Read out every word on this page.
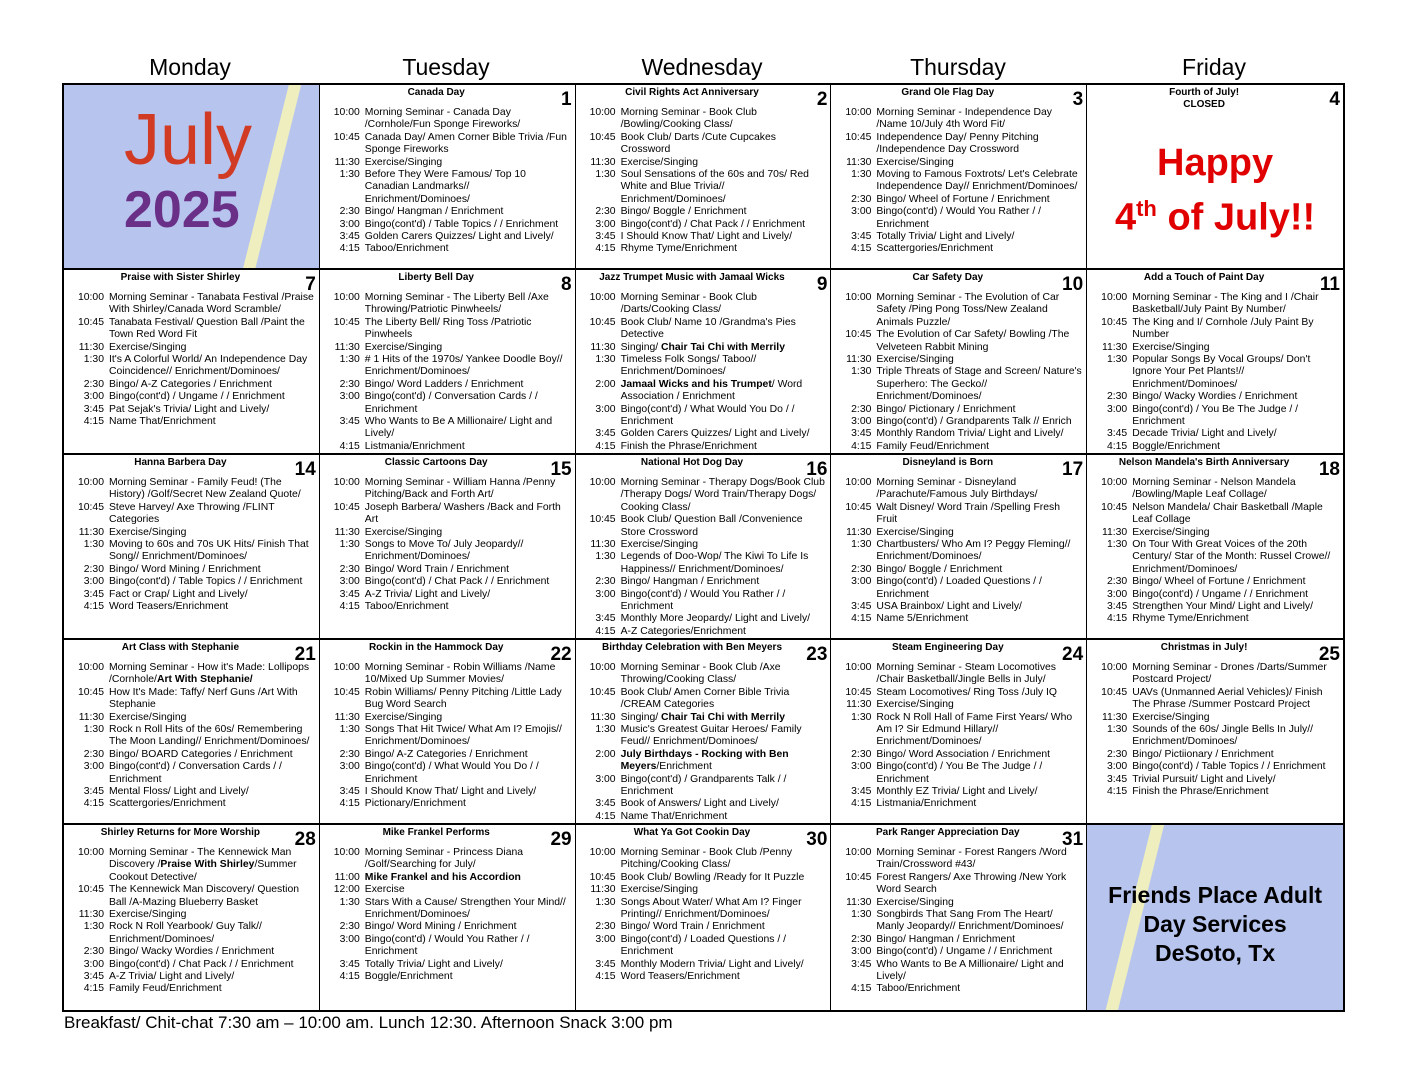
Monday	Tuesday	Wednesday	Thursday	Friday
July
2025
Canada Day	1
10:00 Morning Seminar - Canada Day /Cornhole/Fun Sponge Fireworks/
10:45 Canada Day/ Amen Corner Bible Trivia /Fun Sponge Fireworks
11:30 Exercise/Singing
1:30 Before They Were Famous/ Top 10 Canadian Landmarks// Enrichment/Dominoes/
2:30 Bingo/ Hangman / Enrichment
3:00 Bingo(cont'd) / Table Topics / / Enrichment
3:45 Golden Carers Quizzes/ Light and Lively/
4:15 Taboo/Enrichment
Civil Rights Act Anniversary	2
10:00 Morning Seminar - Book Club /Bowling/Cooking Class/
10:45 Book Club/ Darts /Cute Cupcakes Crossword
11:30 Exercise/Singing
1:30 Soul Sensations of the 60s and 70s/ Red White and Blue Trivia// Enrichment/Dominoes/
2:30 Bingo/ Boggle / Enrichment
3:00 Bingo(cont'd) / Chat Pack / / Enrichment
3:45 I Should Know That/ Light and Lively/
4:15 Rhyme Tyme/Enrichment
Grand Ole Flag Day	3
10:00 Morning Seminar - Independence Day /Name 10/July 4th Word Fit/
10:45 Independence Day/ Penny Pitching /Independence Day Crossword
11:30 Exercise/Singing
1:30 Moving to Famous Foxtrots/ Let's Celebrate Independence Day// Enrichment/Dominoes/
2:30 Bingo/ Wheel of Fortune / Enrichment
3:00 Bingo(cont'd) / Would You Rather / / Enrichment
3:45 Totally Trivia/ Light and Lively/
4:15 Scattergories/Enrichment
Fourth of July!
CLOSED	4
Happy
4th of July!!
Praise with Sister Shirley	7
10:00 Morning Seminar - Tanabata Festival /Praise With Shirley/Canada Word Scramble/
10:45 Tanabata Festival/ Question Ball /Paint the Town Red Word Fit
11:30 Exercise/Singing
1:30 It's A Colorful World/ An Independence Day Coincidence// Enrichment/Dominoes/
2:30 Bingo/ A-Z Categories / Enrichment
3:00 Bingo(cont'd) / Ungame / / Enrichment
3:45 Pat Sejak's Trivia/ Light and Lively/
4:15 Name That/Enrichment
Liberty Bell Day	8
10:00 Morning Seminar - The Liberty Bell /Axe Throwing/Patriotic Pinwheels/
10:45 The Liberty Bell/ Ring Toss /Patriotic Pinwheels
11:30 Exercise/Singing
1:30 # 1 Hits of the 1970s/ Yankee Doodle Boy// Enrichment/Dominoes/
2:30 Bingo/ Word Ladders / Enrichment
3:00 Bingo(cont'd) / Conversation Cards / / Enrichment
3:45 Who Wants to Be A Millionaire/ Light and Lively/
4:15 Listmania/Enrichment
Jazz Trumpet Music with Jamaal Wicks	9
10:00 Morning Seminar - Book Club /Darts/Cooking Class/
10:45 Book Club/ Name 10 /Grandma's Pies Detective
11:30 Singing/ Chair Tai Chi with Merrily
1:30 Timeless Folk Songs/ Taboo// Enrichment/Dominoes/
2:00 Jamaal Wicks and his Trumpet/ Word Association / Enrichment
3:00 Bingo(cont'd) / What Would You Do / / Enrichment
3:45 Golden Carers Quizzes/ Light and Lively/
4:15 Finish the Phrase/Enrichment
Car Safety Day	10
10:00 Morning Seminar - The Evolution of Car Safety /Ping Pong Toss/New Zealand Animals Puzzle/
10:45 The Evolution of Car Safety/ Bowling /The Velveteen Rabbit Mining
11:30 Exercise/Singing
1:30 Triple Threats of Stage and Screen/ Nature's Superhero: The Gecko// Enrichment/Dominoes/
2:30 Bingo/ Pictionary / Enrichment
3:00 Bingo(cont'd) / Grandparents Talk // Enrich
3:45 Monthly Random Trivia/ Light and Lively/
4:15 Family Feud/Enrichment
Add a Touch of Paint Day	11
10:00 Morning Seminar - The King and I /Chair Basketball/July Paint By Number/
10:45 The King and I/ Cornhole /July Paint By Number
11:30 Exercise/Singing
1:30 Popular Songs By Vocal Groups/ Don't Ignore Your Pet Plants!// Enrichment/Dominoes/
2:30 Bingo/ Wacky Wordies / Enrichment
3:00 Bingo(cont'd) / You Be The Judge / / Enrichment
3:45 Decade Trivia/ Light and Lively/
4:15 Boggle/Enrichment
Hanna Barbera Day	14
10:00 Morning Seminar - Family Feud! (The History) /Golf/Secret New Zealand Quote/
10:45 Steve Harvey/ Axe Throwing /FLINT Categories
11:30 Exercise/Singing
1:30 Moving to 60s and 70s UK Hits/ Finish That Song// Enrichment/Dominoes/
2:30 Bingo/ Word Mining / Enrichment
3:00 Bingo(cont'd) / Table Topics / / Enrichment
3:45 Fact or Crap/ Light and Lively/
4:15 Word Teasers/Enrichment
Classic Cartoons Day	15
10:00 Morning Seminar - William Hanna /Penny Pitching/Back and Forth Art/
10:45 Joseph Barbera/ Washers /Back and Forth Art
11:30 Exercise/Singing
1:30 Songs to Move To/ July Jeopardy// Enrichment/Dominoes/
2:30 Bingo/ Word Train / Enrichment
3:00 Bingo(cont'd) / Chat Pack / / Enrichment
3:45 A-Z Trivia/ Light and Lively/
4:15 Taboo/Enrichment
National Hot Dog Day	16
10:00 Morning Seminar - Therapy Dogs/Book Club /Therapy Dogs/ Word Train/Therapy Dogs/ Cooking Class/
10:45 Book Club/ Question Ball /Convenience Store Crossword
11:30 Exercise/Singing
1:30 Legends of Doo-Wop/ The Kiwi To Life Is Happiness// Enrichment/Dominoes/
2:30 Bingo/ Hangman / Enrichment
3:00 Bingo(cont'd) / Would You Rather / / Enrichment
3:45 Monthly More Jeopardy/ Light and Lively/
4:15 A-Z Categories/Enrichment
Disneyland is Born	17
10:00 Morning Seminar - Disneyland /Parachute/Famous July Birthdays/
10:45 Walt Disney/ Word Train /Spelling Fresh Fruit
11:30 Exercise/Singing
1:30 Chartbusters/ Who Am I? Peggy Fleming// Enrichment/Dominoes/
2:30 Bingo/ Boggle / Enrichment
3:00 Bingo(cont'd) / Loaded Questions / / Enrichment
3:45 USA Brainbox/ Light and Lively/
4:15 Name 5/Enrichment
Nelson Mandela's Birth Anniversary	18
10:00 Morning Seminar - Nelson Mandela /Bowling/Maple Leaf Collage/
10:45 Nelson Mandela/ Chair Basketball /Maple Leaf Collage
11:30 Exercise/Singing
1:30 On Tour With Great Voices of the 20th Century/ Star of the Month: Russel Crowe// Enrichment/Dominoes/
2:30 Bingo/ Wheel of Fortune / Enrichment
3:00 Bingo(cont'd) / Ungame / / Enrichment
3:45 Strengthen Your Mind/ Light and Lively/
4:15 Rhyme Tyme/Enrichment
Art Class with Stephanie	21
10:00 Morning Seminar - How it's Made: Lollipops /Cornhole/Art With Stephanie/
10:45 How It's Made: Taffy/ Nerf Guns /Art With Stephanie
11:30 Exercise/Singing
1:30 Rock n Roll Hits of the 60s/ Remembering The Moon Landing// Enrichment/Dominoes/
2:30 Bingo/ BOARD Categories / Enrichment
3:00 Bingo(cont'd) / Conversation Cards / / Enrichment
3:45 Mental Floss/ Light and Lively/
4:15 Scattergories/Enrichment
Rockin in the Hammock Day	22
10:00 Morning Seminar - Robin Williams /Name 10/Mixed Up Summer Movies/
10:45 Robin Williams/ Penny Pitching /Little Lady Bug Word Search
11:30 Exercise/Singing
1:30 Songs That Hit Twice/ What Am I? Emojis// Enrichment/Dominoes/
2:30 Bingo/ A-Z Categories / Enrichment
3:00 Bingo(cont'd) / What Would You Do / / Enrichment
3:45 I Should Know That/ Light and Lively/
4:15 Pictionary/Enrichment
Birthday Celebration with Ben Meyers	23
10:00 Morning Seminar - Book Club /Axe Throwing/Cooking Class/
10:45 Book Club/ Amen Corner Bible Trivia /CREAM Categories
11:30 Singing/ Chair Tai Chi with Merrily
1:30 Music's Greatest Guitar Heroes/ Family Feud// Enrichment/Dominoes/
2:00 July Birthdays - Rocking with Ben Meyers/Enrichment
3:00 Bingo(cont'd) / Grandparents Talk / / Enrichment
3:45 Book of Answers/ Light and Lively/
4:15 Name That/Enrichment
Steam Engineering Day	24
10:00 Morning Seminar - Steam Locomotives /Chair Basketball/Jingle Bells in July/
10:45 Steam Locomotives/ Ring Toss /July IQ
11:30 Exercise/Singing
1:30 Rock N Roll Hall of Fame First Years/ Who Am I? Sir Edmund Hillary// Enrichment/Dominoes/
2:30 Bingo/ Word Association / Enrichment
3:00 Bingo(cont'd) / You Be The Judge / / Enrichment
3:45 Monthly EZ Trivia/ Light and Lively/
4:15 Listmania/Enrichment
Christmas in July!	25
10:00 Morning Seminar - Drones /Darts/Summer Postcard Project/
10:45 UAVs (Unmanned Aerial Vehicles)/ Finish The Phrase /Summer Postcard Project
11:30 Exercise/Singing
1:30 Sounds of the 60s/ Jingle Bells In July// Enrichment/Dominoes/
2:30 Bingo/ Pictiionary / Enrichment
3:00 Bingo(cont'd) / Table Topics / / Enrichment
3:45 Trivial Pursuit/ Light and Lively/
4:15 Finish the Phrase/Enrichment
Shirley Returns for More Worship	28
10:00 Morning Seminar - The Kennewick Man Discovery /Praise With Shirley/Summer Cookout Detective/
10:45 The Kennewick Man Discovery/ Question Ball /A-Mazing Blueberry Basket
11:30 Exercise/Singing
1:30 Rock N Roll Yearbook/ Guy Talk// Enrichment/Dominoes/
2:30 Bingo/ Wacky Wordies / Enrichment
3:00 Bingo(cont'd) / Chat Pack / / Enrichment
3:45 A-Z Trivia/ Light and Lively/
4:15 Family Feud/Enrichment
Mike Frankel Performs	29
10:00 Morning Seminar - Princess Diana /Golf/Searching for July/
11:00 Mike Frankel and his Accordion
12:00 Exercise
1:30 Stars With a Cause/ Strengthen Your Mind// Enrichment/Dominoes/
2:30 Bingo/ Word Mining / Enrichment
3:00 Bingo(cont'd) / Would You Rather / / Enrichment
3:45 Totally Trivia/ Light and Lively/
4:15 Boggle/Enrichment
What Ya Got Cookin Day	30
10:00 Morning Seminar - Book Club /Penny Pitching/Cooking Class/
10:45 Book Club/ Bowling /Ready for It Puzzle
11:30 Exercise/Singing
1:30 Songs About Water/ What Am I? Finger Printing// Enrichment/Dominoes/
2:30 Bingo/ Word Train / Enrichment
3:00 Bingo(cont'd) / Loaded Questions / / Enrichment
3:45 Monthly Modern Trivia/ Light and Lively/
4:15 Word Teasers/Enrichment
Park Ranger Appreciation Day	31
10:00 Morning Seminar - Forest Rangers /Word Train/Crossword #43/
10:45 Forest Rangers/ Axe Throwing /New York Word Search
11:30 Exercise/Singing
1:30 Songbirds That Sang From The Heart/ Manly Jeopardy// Enrichment/Dominoes/
2:30 Bingo/ Hangman / Enrichment
3:00 Bingo(cont'd) / Ungame / / Enrichment
3:45 Who Wants to Be A Millionaire/ Light and Lively/
4:15 Taboo/Enrichment
Friends Place Adult
Day Services
DeSoto, Tx
Breakfast/ Chit-chat 7:30 am – 10:00 am. Lunch 12:30. Afternoon Snack 3:00 pm
